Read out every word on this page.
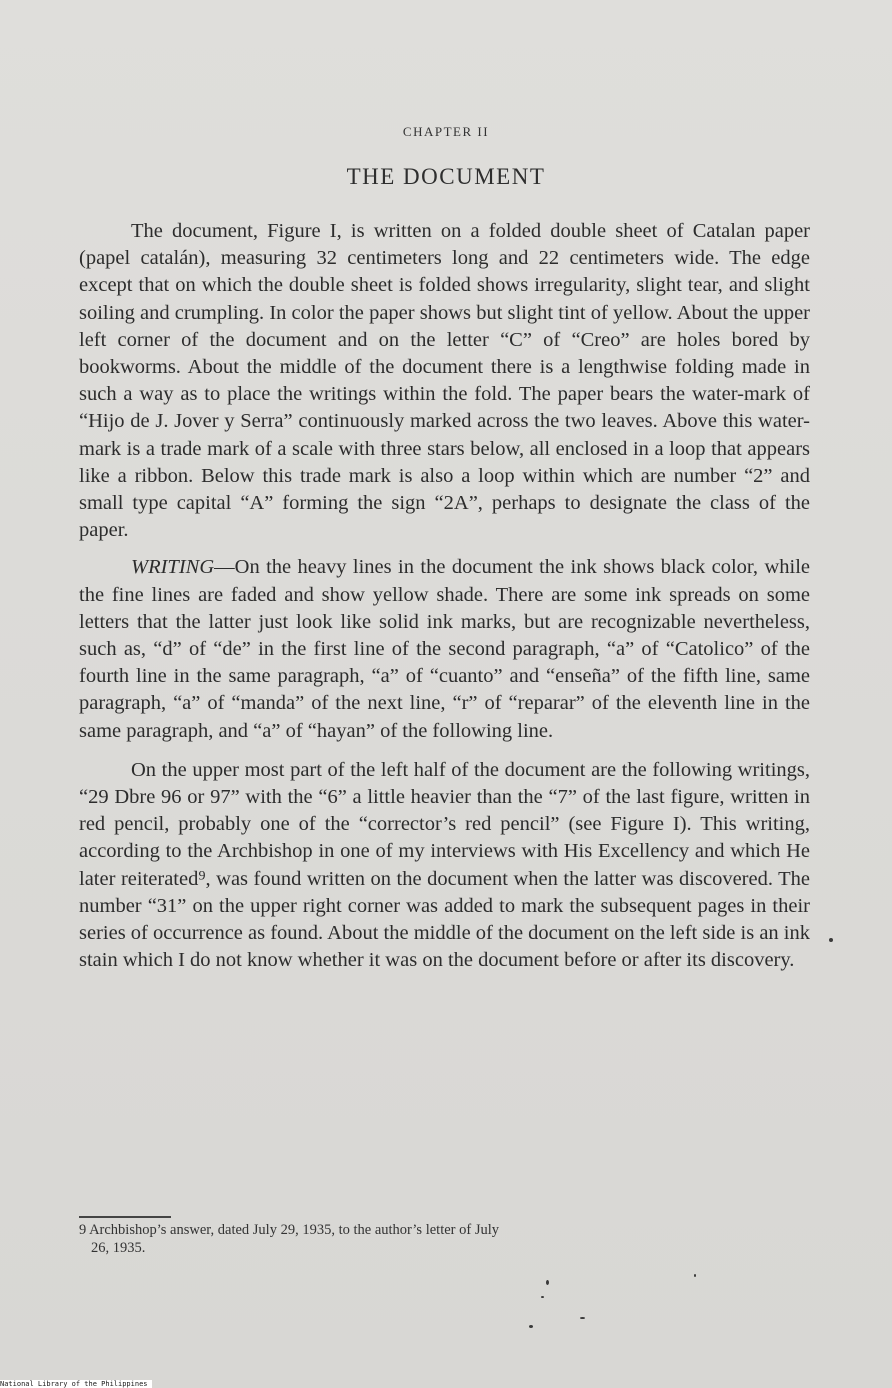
CHAPTER II
THE DOCUMENT

The document, Figure I, is written on a folded double sheet of Catalan paper (papel catalán), measuring 32 centimeters long and 22 centimeters wide. The edge except that on which the double sheet is folded shows irregularity, slight tear, and slight soiling and crumpling. In color the paper shows but slight tint of yellow. About the upper left corner of the document and on the letter “C” of “Creo” are holes bored by bookworms. About the middle of the document there is a lengthwise folding made in such a way as to place the writings within the fold. The paper bears the water-mark of “Hijo de J. Jover y Serra” continuously marked across the two leaves. Above this water-mark is a trade mark of a scale with three stars below, all enclosed in a loop that appears like a ribbon. Below this trade mark is also a loop within which are number “2” and small type capital “A” forming the sign “2A”, perhaps to designate the class of the paper.

WRITING—On the heavy lines in the document the ink shows black color, while the fine lines are faded and show yellow shade. There are some ink spreads on some letters that the latter just look like solid ink marks, but are recognizable nevertheless, such as, “d” of “de” in the first line of the second paragraph, “a” of “Catolico” of the fourth line in the same paragraph, “a” of “cuanto” and “enseña” of the fifth line, same paragraph, “a” of “manda” of the next line, “r” of “reparar” of the eleventh line in the same paragraph, and “a” of “hayan” of the following line.

On the upper most part of the left half of the document are the following writings, “29 Dbre 96 or 97” with the “6” a little heavier than the “7” of the last figure, written in red pencil, probably one of the “corrector’s red pencil” (see Figure I). This writing, according to the Archbishop in one of my interviews with His Excellency and which He later reiterated⁹, was found written on the document when the latter was discovered. The number “31” on the upper right corner was added to mark the subsequent pages in their series of occurrence as found. About the middle of the document on the left side is an ink stain which I do not know whether it was on the document before or after its discovery.

9 Archbishop’s answer, dated July 29, 1935, to the author’s letter of July
26, 1935.
National Library of the Philippines
